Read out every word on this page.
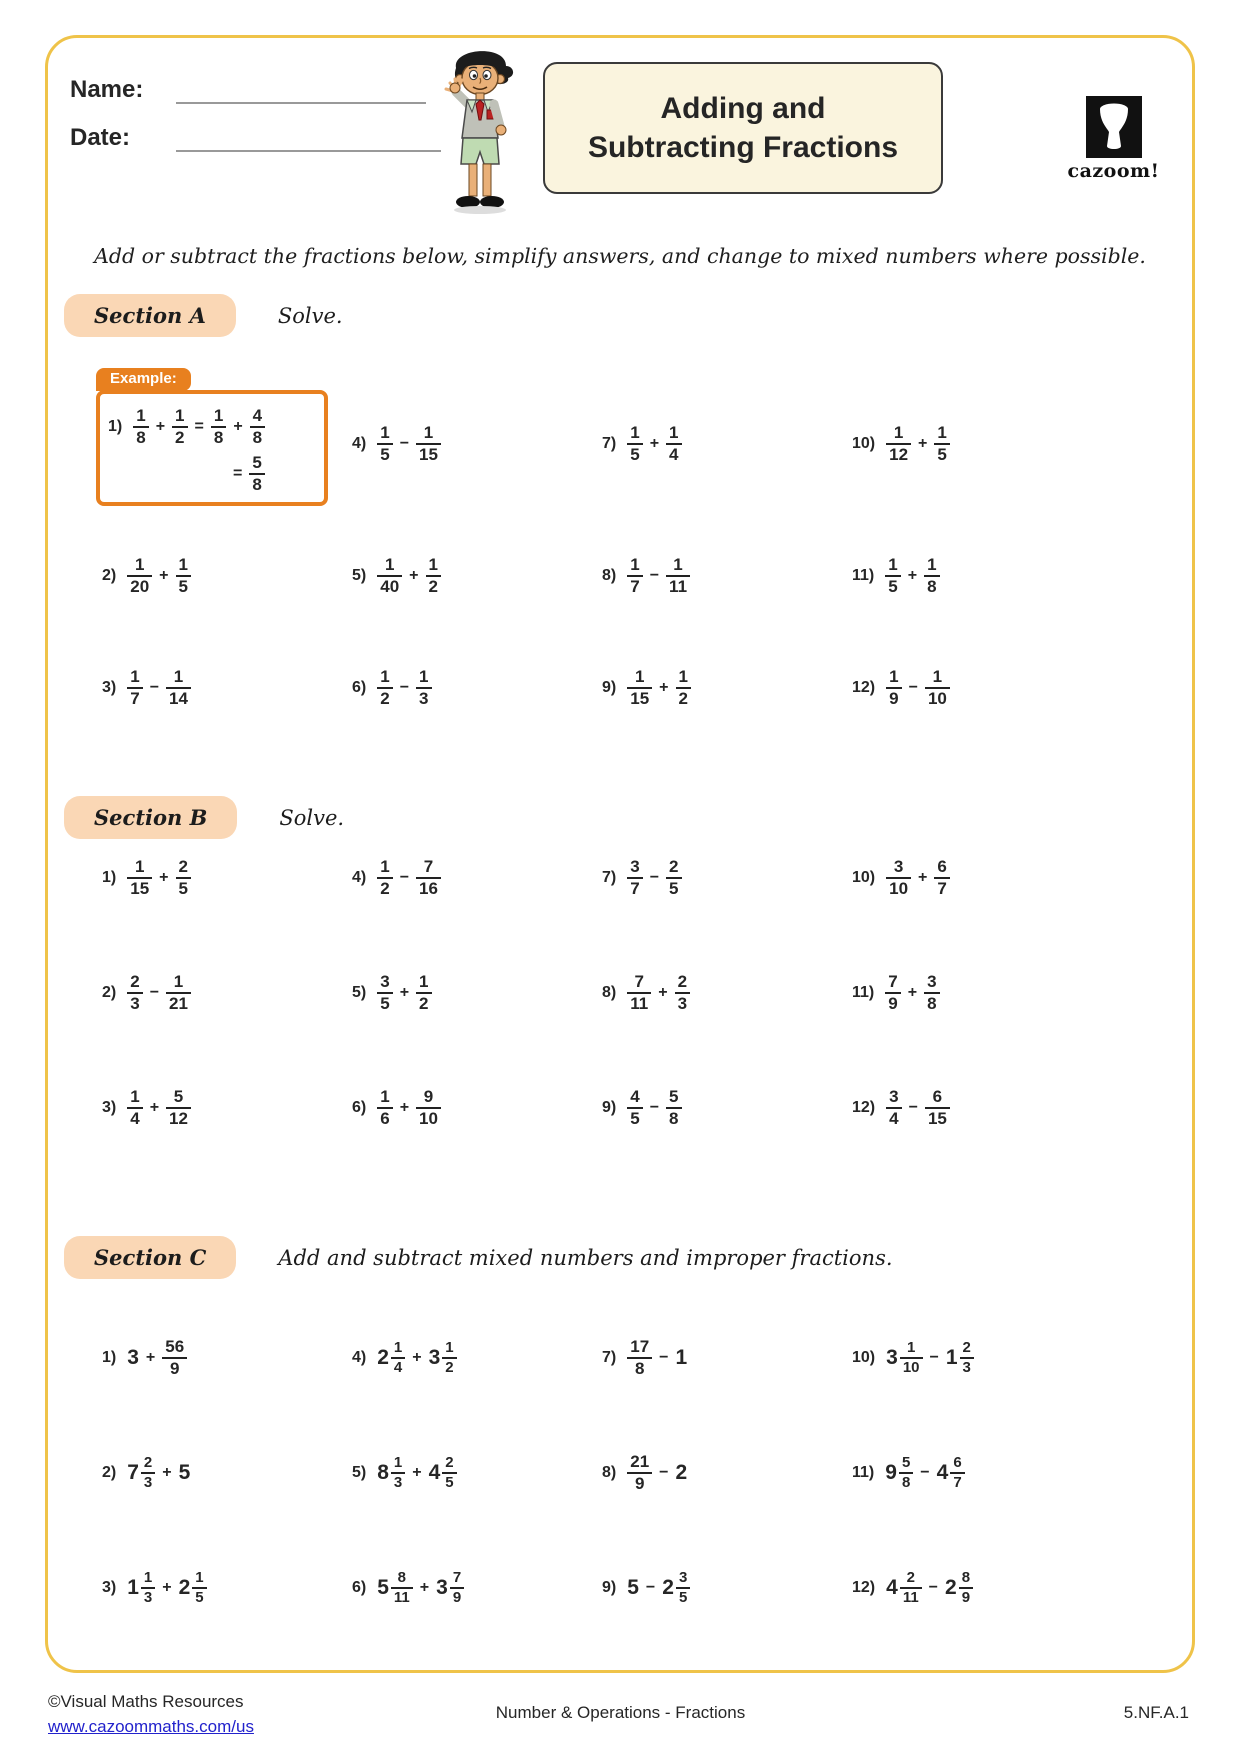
Name:
Date:
Adding and
Subtracting Fractions
cazoom!
Add or subtract the fractions below, simplify answers, and change to mixed numbers where possible.
Section A	Solve.
Section B	Solve.
Section C	Add and subtract mixed numbers and improper fractions.
Example:
$1) \frac{1}{8} + \frac{1}{2} = \frac{1}{8} + \frac{4}{8}$
= $\frac{5}{8}$
$2) \frac{1}{20} + \frac{1}{5}$
$3) \frac{1}{7} - \frac{1}{14}$
$4) \frac{1}{5} - \frac{1}{15}$
$5) \frac{1}{40} + \frac{1}{2}$
$6) \frac{1}{2} - \frac{1}{3}$
$7) \frac{1}{5} + \frac{1}{4}$
$8) \frac{1}{7} - \frac{1}{11}$
$9) \frac{1}{15} + \frac{1}{2}$
$10) \frac{1}{12} + \frac{1}{5}$
$11) \frac{1}{5} + \frac{1}{8}$
$12) \frac{1}{9} - \frac{1}{10}$
$1) \frac{1}{15} + \frac{2}{5}$
$2) \frac{2}{3} - \frac{1}{21}$
$3) \frac{1}{4} + \frac{5}{12}$
$4) \frac{1}{2} - \frac{7}{16}$
$5) \frac{3}{5} + \frac{1}{2}$
$6) \frac{1}{6} + \frac{9}{10}$
$7) \frac{3}{7} - \frac{2}{5}$
$8) \frac{7}{11} + \frac{2}{3}$
$9) \frac{4}{5} - \frac{5}{8}$
$10) \frac{3}{10} + \frac{6}{7}$
$11) \frac{7}{9} + \frac{3}{8}$
$12) \frac{3}{4} - \frac{6}{15}$
1) $3 + \frac{56}{9}$
2) $7 \frac{2}{3} + 5$
3) $1 \frac{1}{3} + 2 \frac{1}{5}$
4) $2 \frac{1}{4} + 3 \frac{1}{2}$
5) $8 \frac{1}{3} + 4 \frac{2}{5}$
6) $5 \frac{8}{11} + 3 \frac{7}{9}$
$7) \frac{17}{8} - 1$
$8) \frac{21}{9} - 2$
9) $5 - 2 \frac{3}{5}$
10) $3 \frac{1}{10} - 1 \frac{2}{3}$
11) $9 \frac{5}{8} - 4 \frac{6}{7}$
12) $4 \frac{2}{11} - 2 \frac{8}{9}$
©Visual Maths Resources
www.cazoommaths.com/us
Number & Operations - Fractions	5.NF.A.1
